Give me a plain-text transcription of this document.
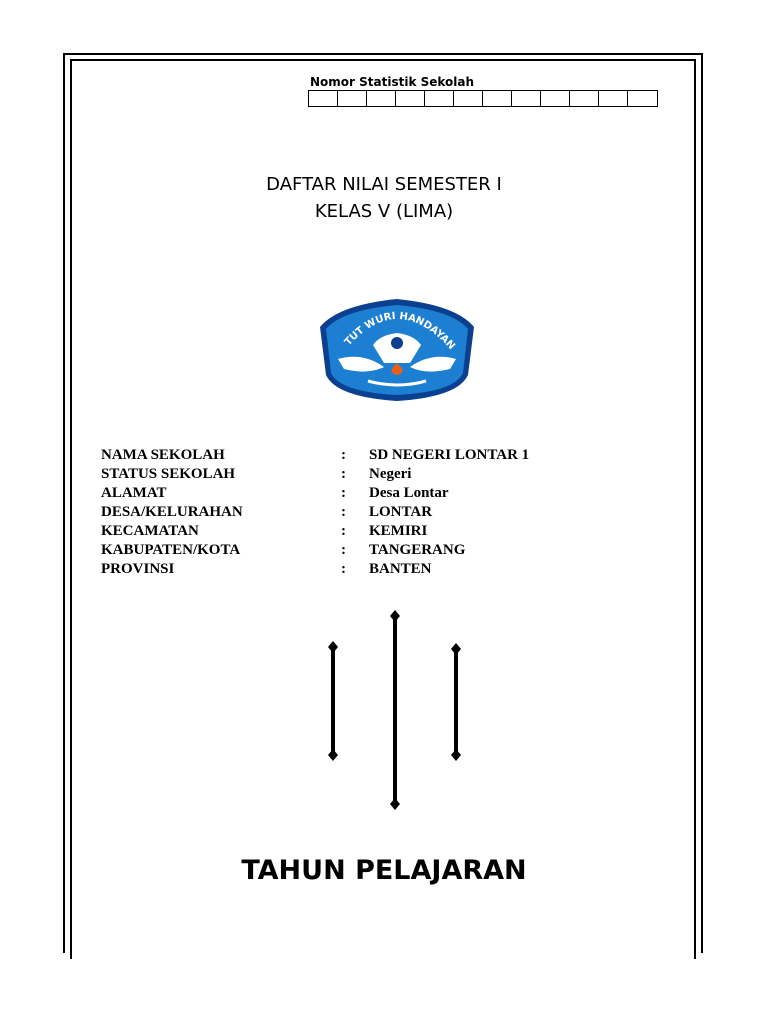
Nomor Statistik Sekolah
DAFTAR NILAI SEMESTER I
KELAS V (LIMA)
TUT WURI HANDAYAN
NAMA SEKOLAH	:	SD NEGERI LONTAR 1
STATUS SEKOLAH	:	Negeri
ALAMAT	:	Desa Lontar
DESA/KELURAHAN	:	LONTAR
KECAMATAN	:	KEMIRI
KABUPATEN/KOTA	:	TANGERANG
PROVINSI	:	BANTEN
TAHUN PELAJARAN
